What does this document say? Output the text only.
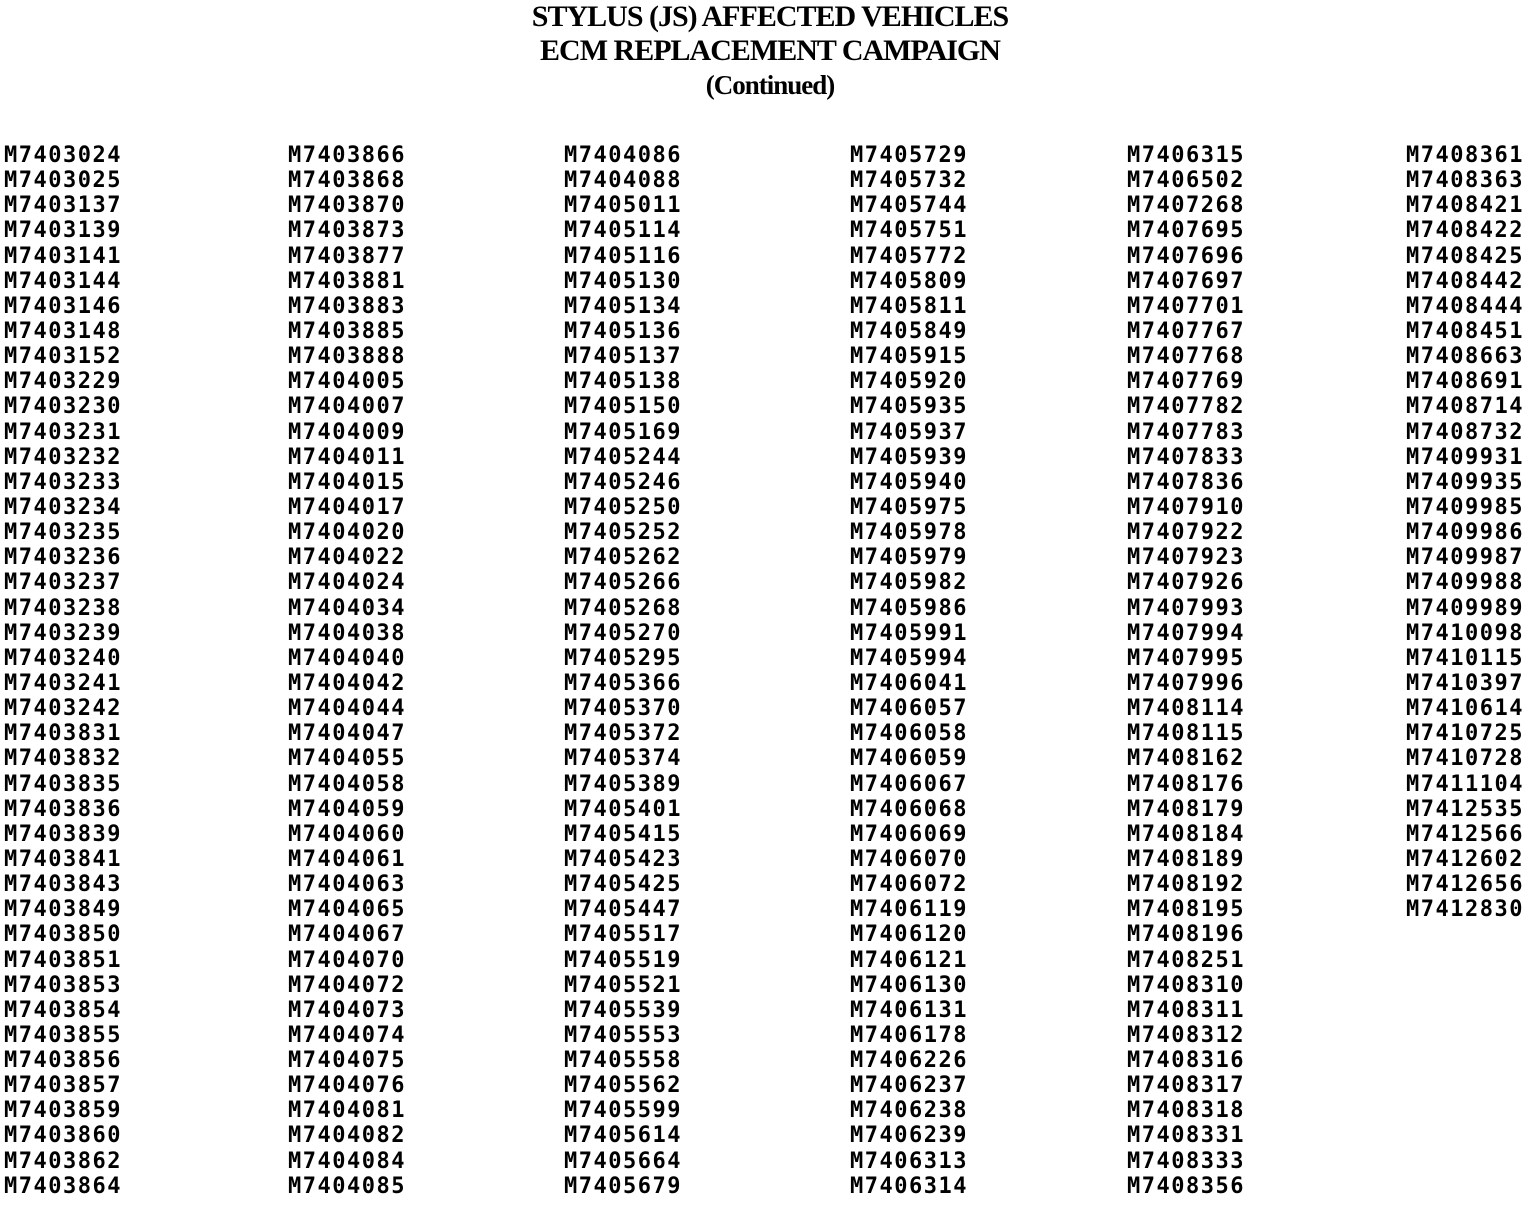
STYLUS (JS) AFFECTED VEHICLES
ECM REPLACEMENT CAMPAIGN
(Continued)
M7403024
M7403025
M7403137
M7403139
M7403141
M7403144
M7403146
M7403148
M7403152
M7403229
M7403230
M7403231
M7403232
M7403233
M7403234
M7403235
M7403236
M7403237
M7403238
M7403239
M7403240
M7403241
M7403242
M7403831
M7403832
M7403835
M7403836
M7403839
M7403841
M7403843
M7403849
M7403850
M7403851
M7403853
M7403854
M7403855
M7403856
M7403857
M7403859
M7403860
M7403862
M7403864
M7403866
M7403868
M7403870
M7403873
M7403877
M7403881
M7403883
M7403885
M7403888
M7404005
M7404007
M7404009
M7404011
M7404015
M7404017
M7404020
M7404022
M7404024
M7404034
M7404038
M7404040
M7404042
M7404044
M7404047
M7404055
M7404058
M7404059
M7404060
M7404061
M7404063
M7404065
M7404067
M7404070
M7404072
M7404073
M7404074
M7404075
M7404076
M7404081
M7404082
M7404084
M7404085
M7404086
M7404088
M7405011
M7405114
M7405116
M7405130
M7405134
M7405136
M7405137
M7405138
M7405150
M7405169
M7405244
M7405246
M7405250
M7405252
M7405262
M7405266
M7405268
M7405270
M7405295
M7405366
M7405370
M7405372
M7405374
M7405389
M7405401
M7405415
M7405423
M7405425
M7405447
M7405517
M7405519
M7405521
M7405539
M7405553
M7405558
M7405562
M7405599
M7405614
M7405664
M7405679
M7405729
M7405732
M7405744
M7405751
M7405772
M7405809
M7405811
M7405849
M7405915
M7405920
M7405935
M7405937
M7405939
M7405940
M7405975
M7405978
M7405979
M7405982
M7405986
M7405991
M7405994
M7406041
M7406057
M7406058
M7406059
M7406067
M7406068
M7406069
M7406070
M7406072
M7406119
M7406120
M7406121
M7406130
M7406131
M7406178
M7406226
M7406237
M7406238
M7406239
M7406313
M7406314
M7406315
M7406502
M7407268
M7407695
M7407696
M7407697
M7407701
M7407767
M7407768
M7407769
M7407782
M7407783
M7407833
M7407836
M7407910
M7407922
M7407923
M7407926
M7407993
M7407994
M7407995
M7407996
M7408114
M7408115
M7408162
M7408176
M7408179
M7408184
M7408189
M7408192
M7408195
M7408196
M7408251
M7408310
M7408311
M7408312
M7408316
M7408317
M7408318
M7408331
M7408333
M7408356
M7408361
M7408363
M7408421
M7408422
M7408425
M7408442
M7408444
M7408451
M7408663
M7408691
M7408714
M7408732
M7409931
M7409935
M7409985
M7409986
M7409987
M7409988
M7409989
M7410098
M7410115
M7410397
M7410614
M7410725
M7410728
M7411104
M7412535
M7412566
M7412602
M7412656
M7412830
